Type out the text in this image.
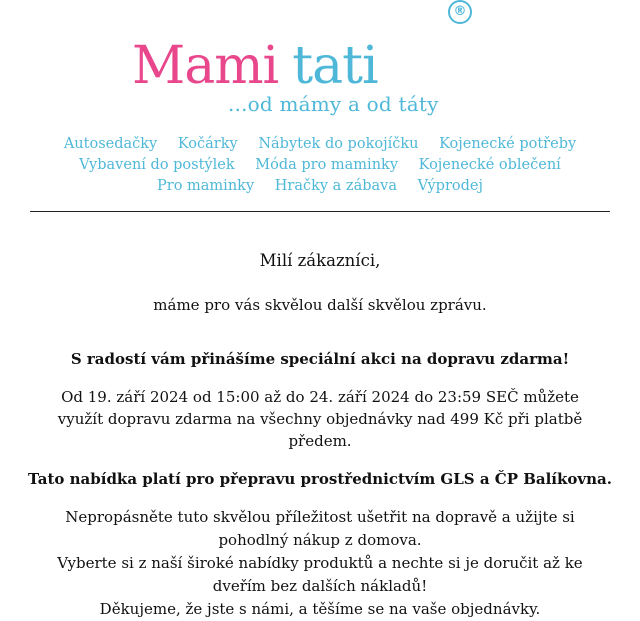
Mami tati
®
...od mámy a od táty
Autosedačky Kočárky Nábytek do pokojíčku Kojenecké potřeby
Vybavení do postýlek Móda pro maminky Kojenecké oblečení
Pro maminky Hračky a zábava Výprodej

Milí zákazníci,

máme pro vás skvělou další skvělou zprávu.

S radostí vám přinášíme speciální akci na dopravu zdarma!

Od 19. září 2024 od 15:00 až do 24. září 2024 do 23:59 SEČ můžete využít dopravu zdarma na všechny objednávky nad 499 Kč při platbě předem.

Tato nabídka platí pro přepravu prostřednictvím GLS a ČP Balíkovna.

Nepropásněte tuto skvělou příležitost ušetřit na dopravě a užijte si pohodlný nákup z domova.
Vyberte si z naší široké nabídky produktů a nechte si je doručit až ke dveřím bez dalších nákladů!
Děkujeme, že jste s námi, a těšíme se na vaše objednávky.
